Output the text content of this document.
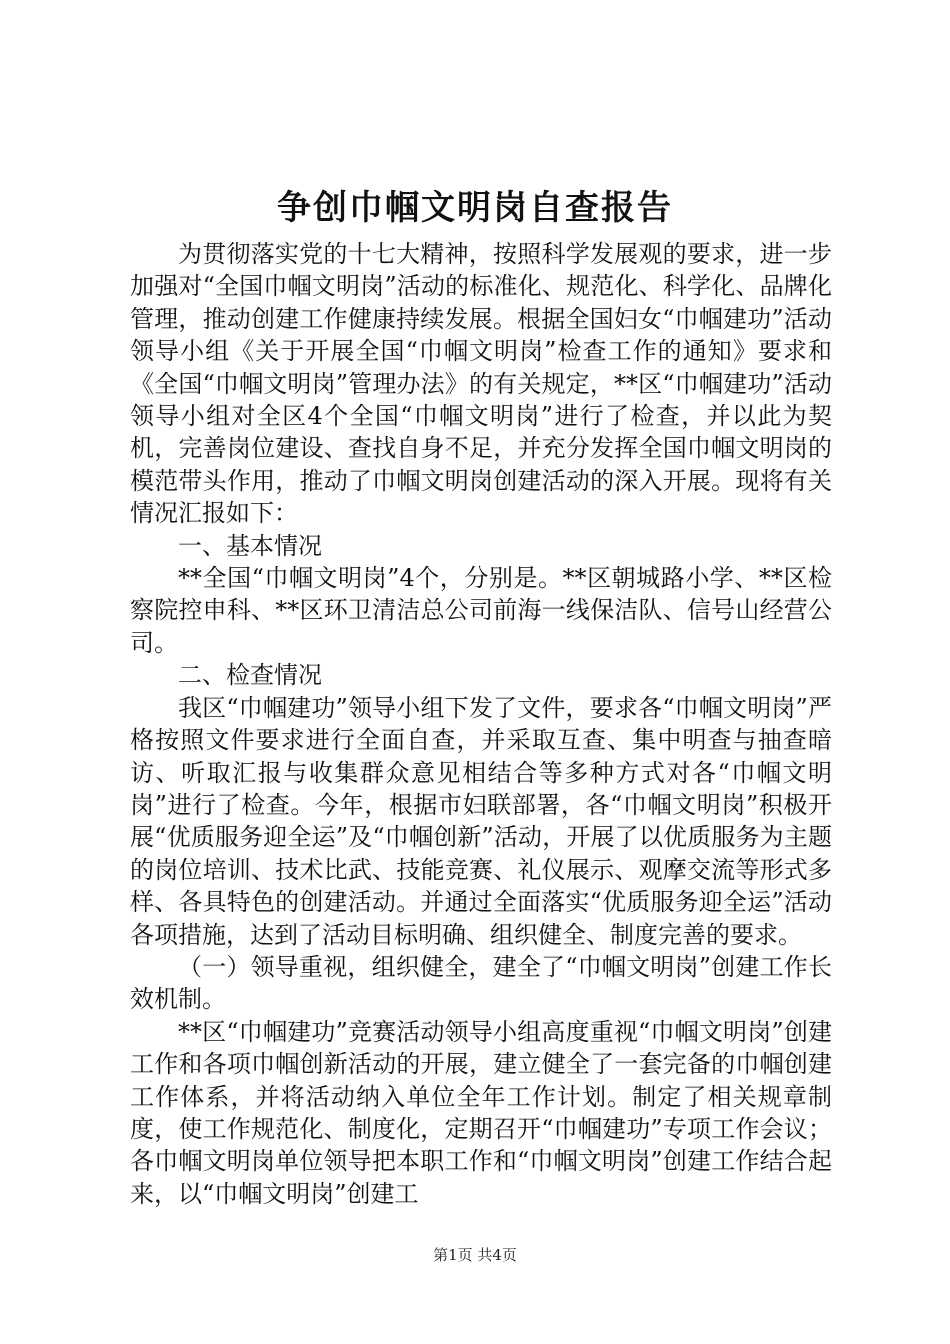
争创巾帼文明岗自查报告

为贯彻落实党的十七大精神，按照科学发展观的要求，进一步加强对“全国巾帼文明岗”活动的标准化、规范化、科学化、品牌化管理，推动创建工作健康持续发展。根据全国妇女“巾帼建功”活动领导小组《关于开展全国“巾帼文明岗”检查工作的通知》要求和《全国“巾帼文明岗”管理办法》的有关规定，**区“巾帼建功”活动领导小组对全区4个全国“巾帼文明岗”进行了检查，并以此为契机，完善岗位建设、查找自身不足，并充分发挥全国巾帼文明岗的模范带头作用，推动了巾帼文明岗创建活动的深入开展。现将有关情况汇报如下：

一、基本情况

**全国“巾帼文明岗”4个，分别是。**区朝城路小学、**区检察院控申科、**区环卫清洁总公司前海一线保洁队、信号山经营公司。

二、检查情况

我区“巾帼建功”领导小组下发了文件，要求各“巾帼文明岗”严格按照文件要求进行全面自查，并采取互查、集中明查与抽查暗访、听取汇报与收集群众意见相结合等多种方式对各“巾帼文明岗”进行了检查。今年，根据市妇联部署，各“巾帼文明岗”积极开展“优质服务迎全运”及“巾帼创新”活动，开展了以优质服务为主题的岗位培训、技术比武、技能竞赛、礼仪展示、观摩交流等形式多样、各具特色的创建活动。并通过全面落实“优质服务迎全运”活动各项措施，达到了活动目标明确、组织健全、制度完善的要求。

（一）领导重视，组织健全，建全了“巾帼文明岗”创建工作长效机制。

**区“巾帼建功”竞赛活动领导小组高度重视“巾帼文明岗”创建工作和各项巾帼创新活动的开展，建立健全了一套完备的巾帼创建工作体系，并将活动纳入单位全年工作计划。制定了相关规章制度，使工作规范化、制度化，定期召开“巾帼建功”专项工作会议；各巾帼文明岗单位领导把本职工作和“巾帼文明岗”创建工作结合起来，以“巾帼文明岗”创建工

第1页 共4页
